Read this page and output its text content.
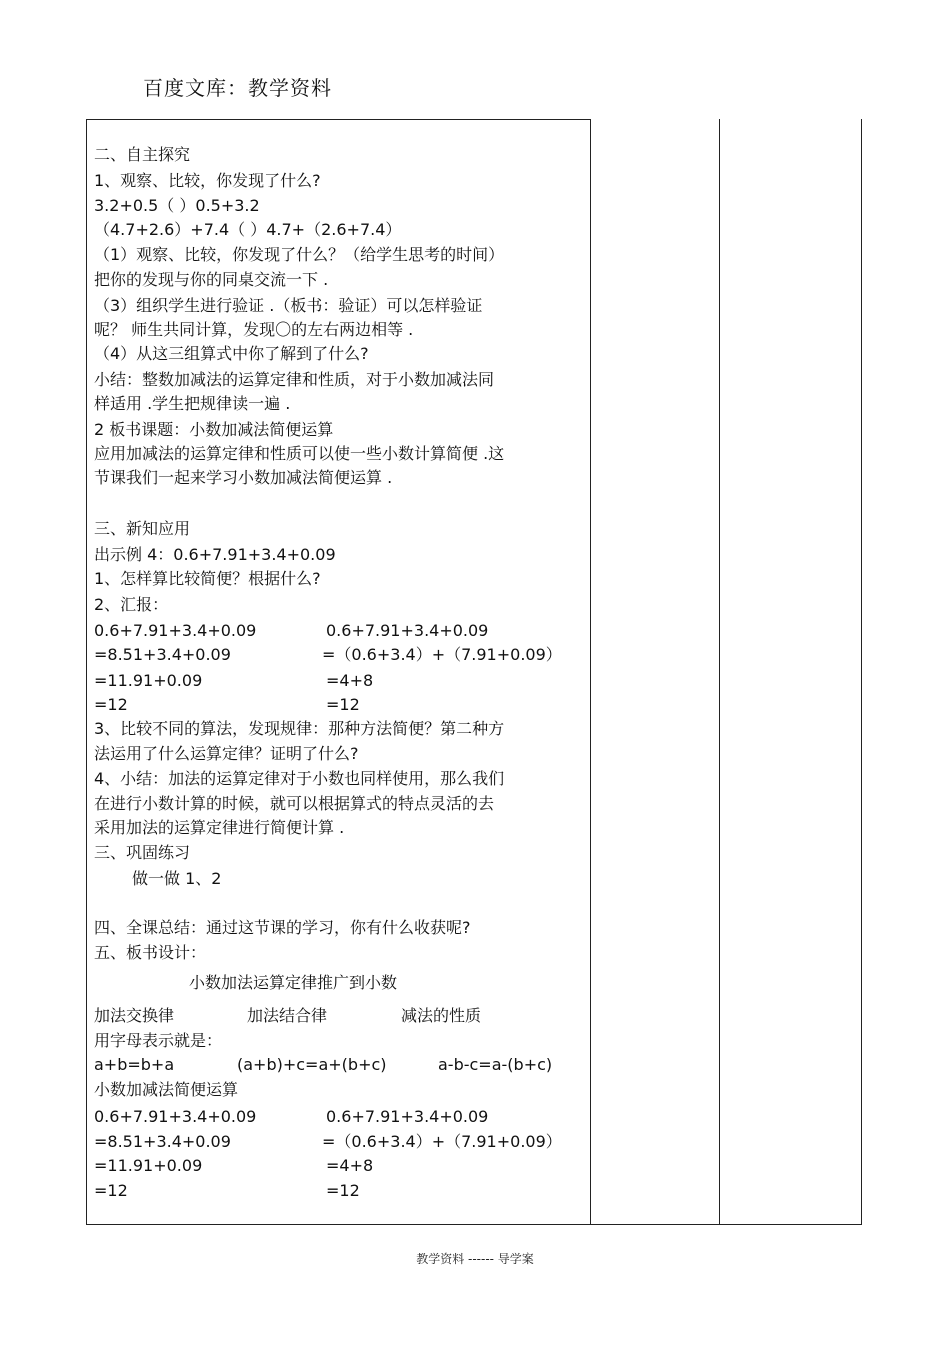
百度文库：教学资料
二、自主探究
1、观察、比较，你发现了什么?
3.2+0.5（ ）0.5+3.2
（4.7+2.6）+7.4（ ）4.7+（2.6+7.4）
（1）观察、比较，你发现了什么？（给学生思考的时间）
把你的发现与你的同桌交流一下 .
（3）组织学生进行验证 .（板书：验证）可以怎样验证
呢？ 师生共同计算，发现〇的左右两边相等 .
（4）从这三组算式中你了解到了什么?
小结：整数加减法的运算定律和性质，对于小数加减法同
样适用 .学生把规律读一遍 .
2 板书课题：小数加减法简便运算
应用加减法的运算定律和性质可以使一些小数计算简便 .这
节课我们一起来学习小数加减法简便运算 .
三、新知应用
出示例 4：0.6+7.91+3.4+0.09
1、怎样算比较简便？根据什么?
2、汇报：
0.6+7.91+3.4+0.09	0.6+7.91+3.4+0.09
=8.51+3.4+0.09	=（0.6+3.4）+（7.91+0.09）
=11.91+0.09	=4+8
=12	=12
3、比较不同的算法，发现规律：那种方法简便？第二种方
法运用了什么运算定律？证明了什么?
4、小结：加法的运算定律对于小数也同样使用，那么我们
在进行小数计算的时候，就可以根据算式的特点灵活的去
采用加法的运算定律进行简便计算 .
三、巩固练习
做一做 1、2
四、全课总结：通过这节课的学习，你有什么收获呢?
五、板书设计：
小数加法运算定律推广到小数
加法交换律	加法结合律	减法的性质
用字母表示就是：
a+b=b+a	(a+b)+c=a+(b+c)	a-b-c=a-(b+c)
小数加减法简便运算
0.6+7.91+3.4+0.09	0.6+7.91+3.4+0.09
=8.51+3.4+0.09	=（0.6+3.4）+（7.91+0.09）
=11.91+0.09	=4+8
=12	=12
教学资料 ------ 导学案
